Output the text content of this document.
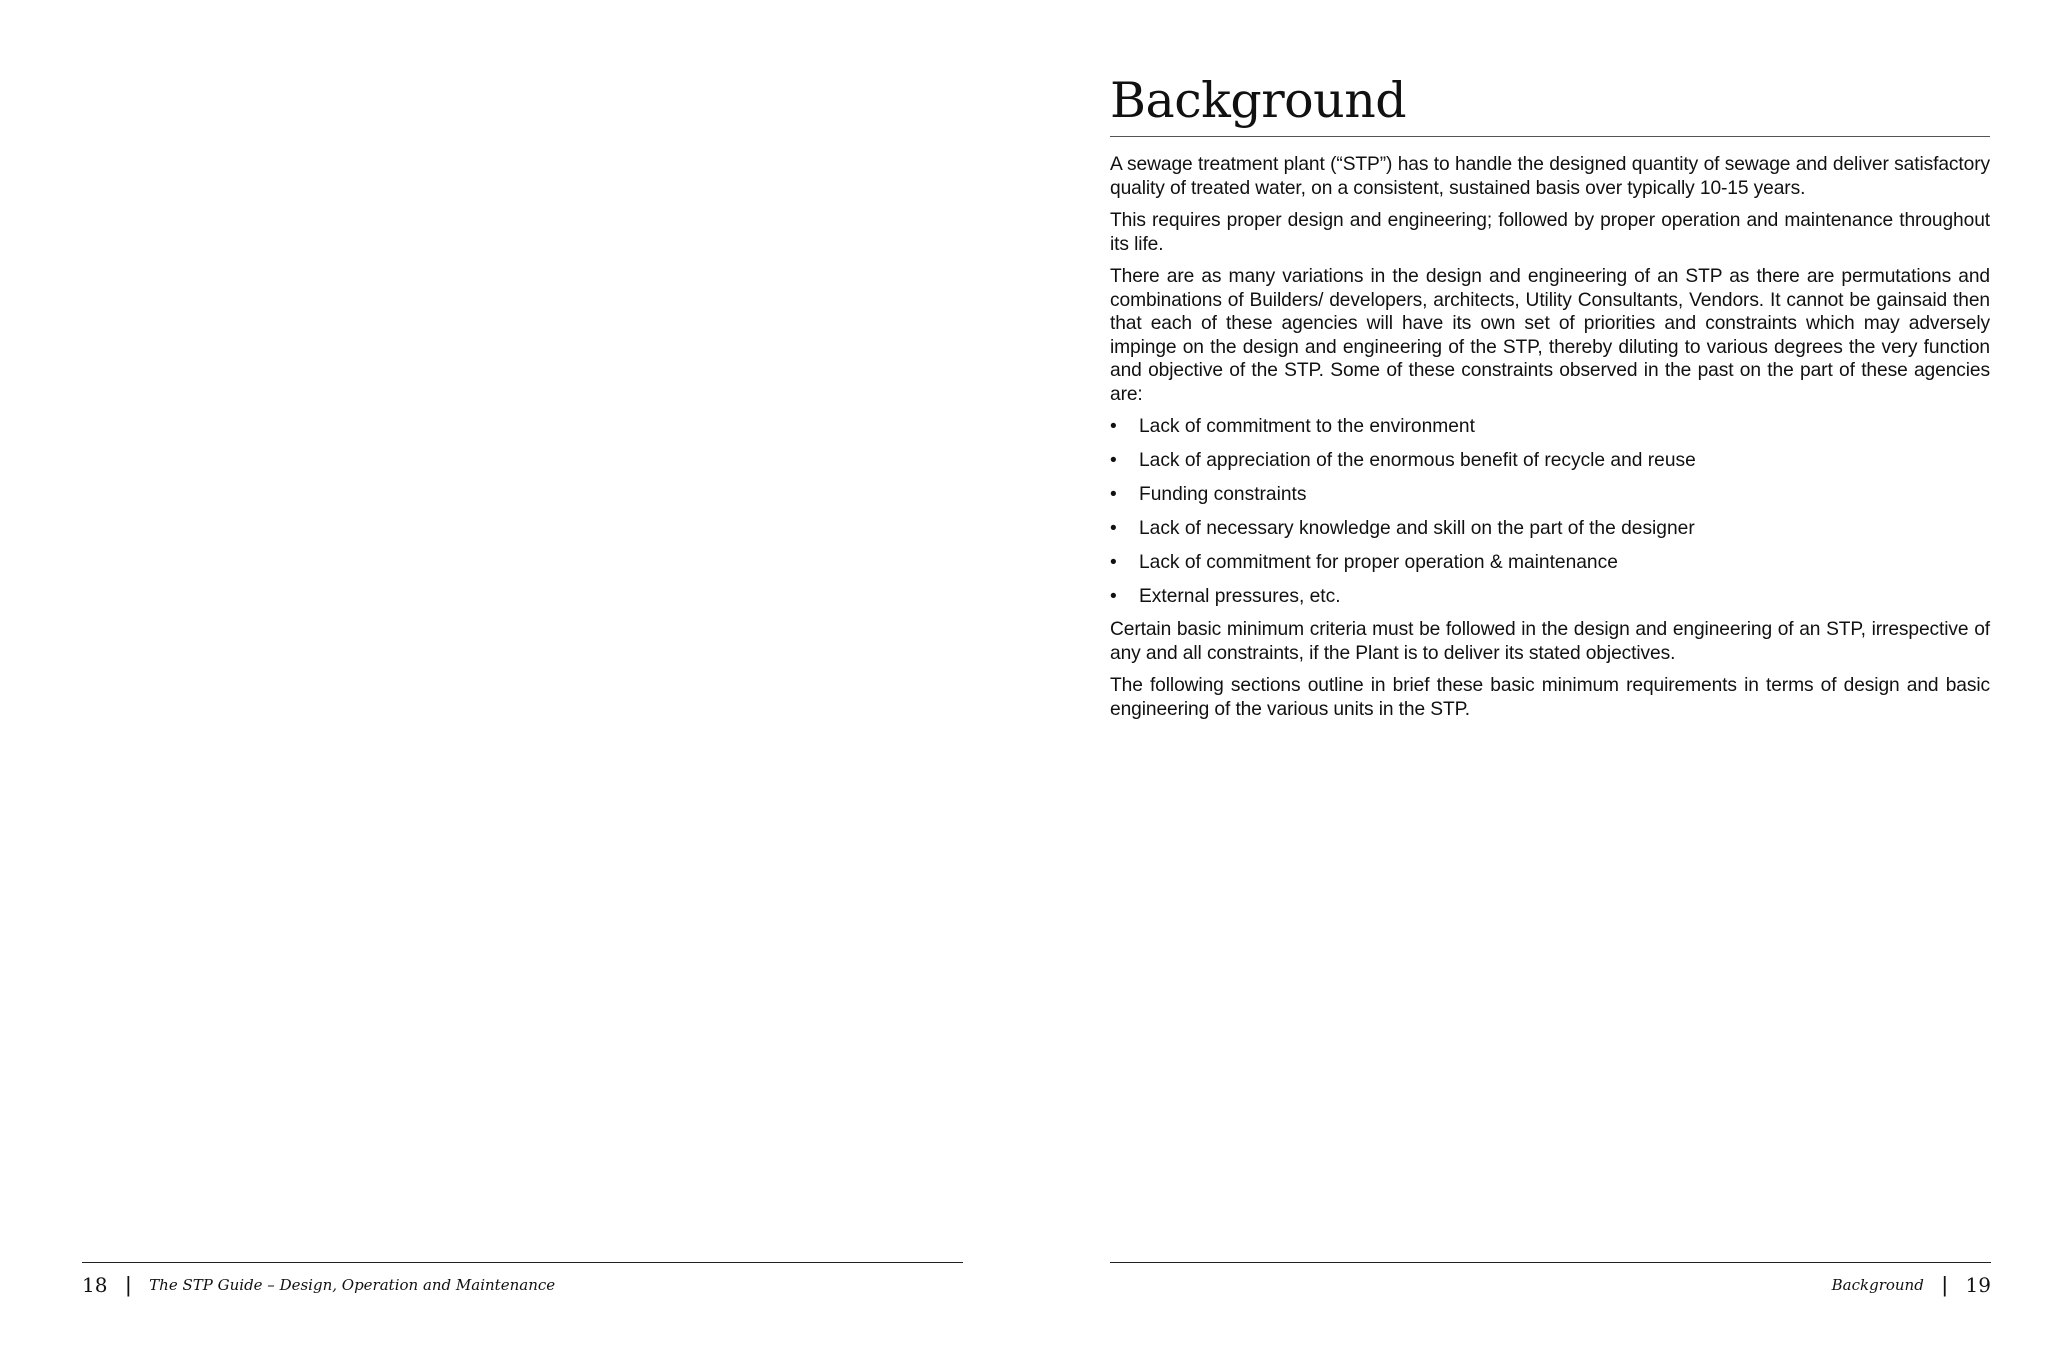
18 | The STP Guide – Design, Operation and Maintenance
Background

A sewage treatment plant (“STP”) has to handle the designed quantity of sewage and deliver satisfactory quality of treated water, on a consistent, sustained basis over typically 10-15 years.

This requires proper design and engineering; followed by proper operation and maintenance throughout its life.

There are as many variations in the design and engineering of an STP as there are permutations and combinations of Builders/ developers, architects, Utility Consultants, Vendors. It cannot be gainsaid then that each of these agencies will have its own set of priorities and constraints which may adversely impinge on the design and engineering of the STP, thereby diluting to various degrees the very function and objective of the STP. Some of these constraints observed in the past on the part of these agencies are:

• Lack of commitment to the environment
• Lack of appreciation of the enormous benefit of recycle and reuse
• Funding constraints
• Lack of necessary knowledge and skill on the part of the designer
• Lack of commitment for proper operation & maintenance
• External pressures, etc.

Certain basic minimum criteria must be followed in the design and engineering of an STP, irrespective of any and all constraints, if the Plant is to deliver its stated objectives.

The following sections outline in brief these basic minimum requirements in terms of design and basic engineering of the various units in the STP.

Background | 19
